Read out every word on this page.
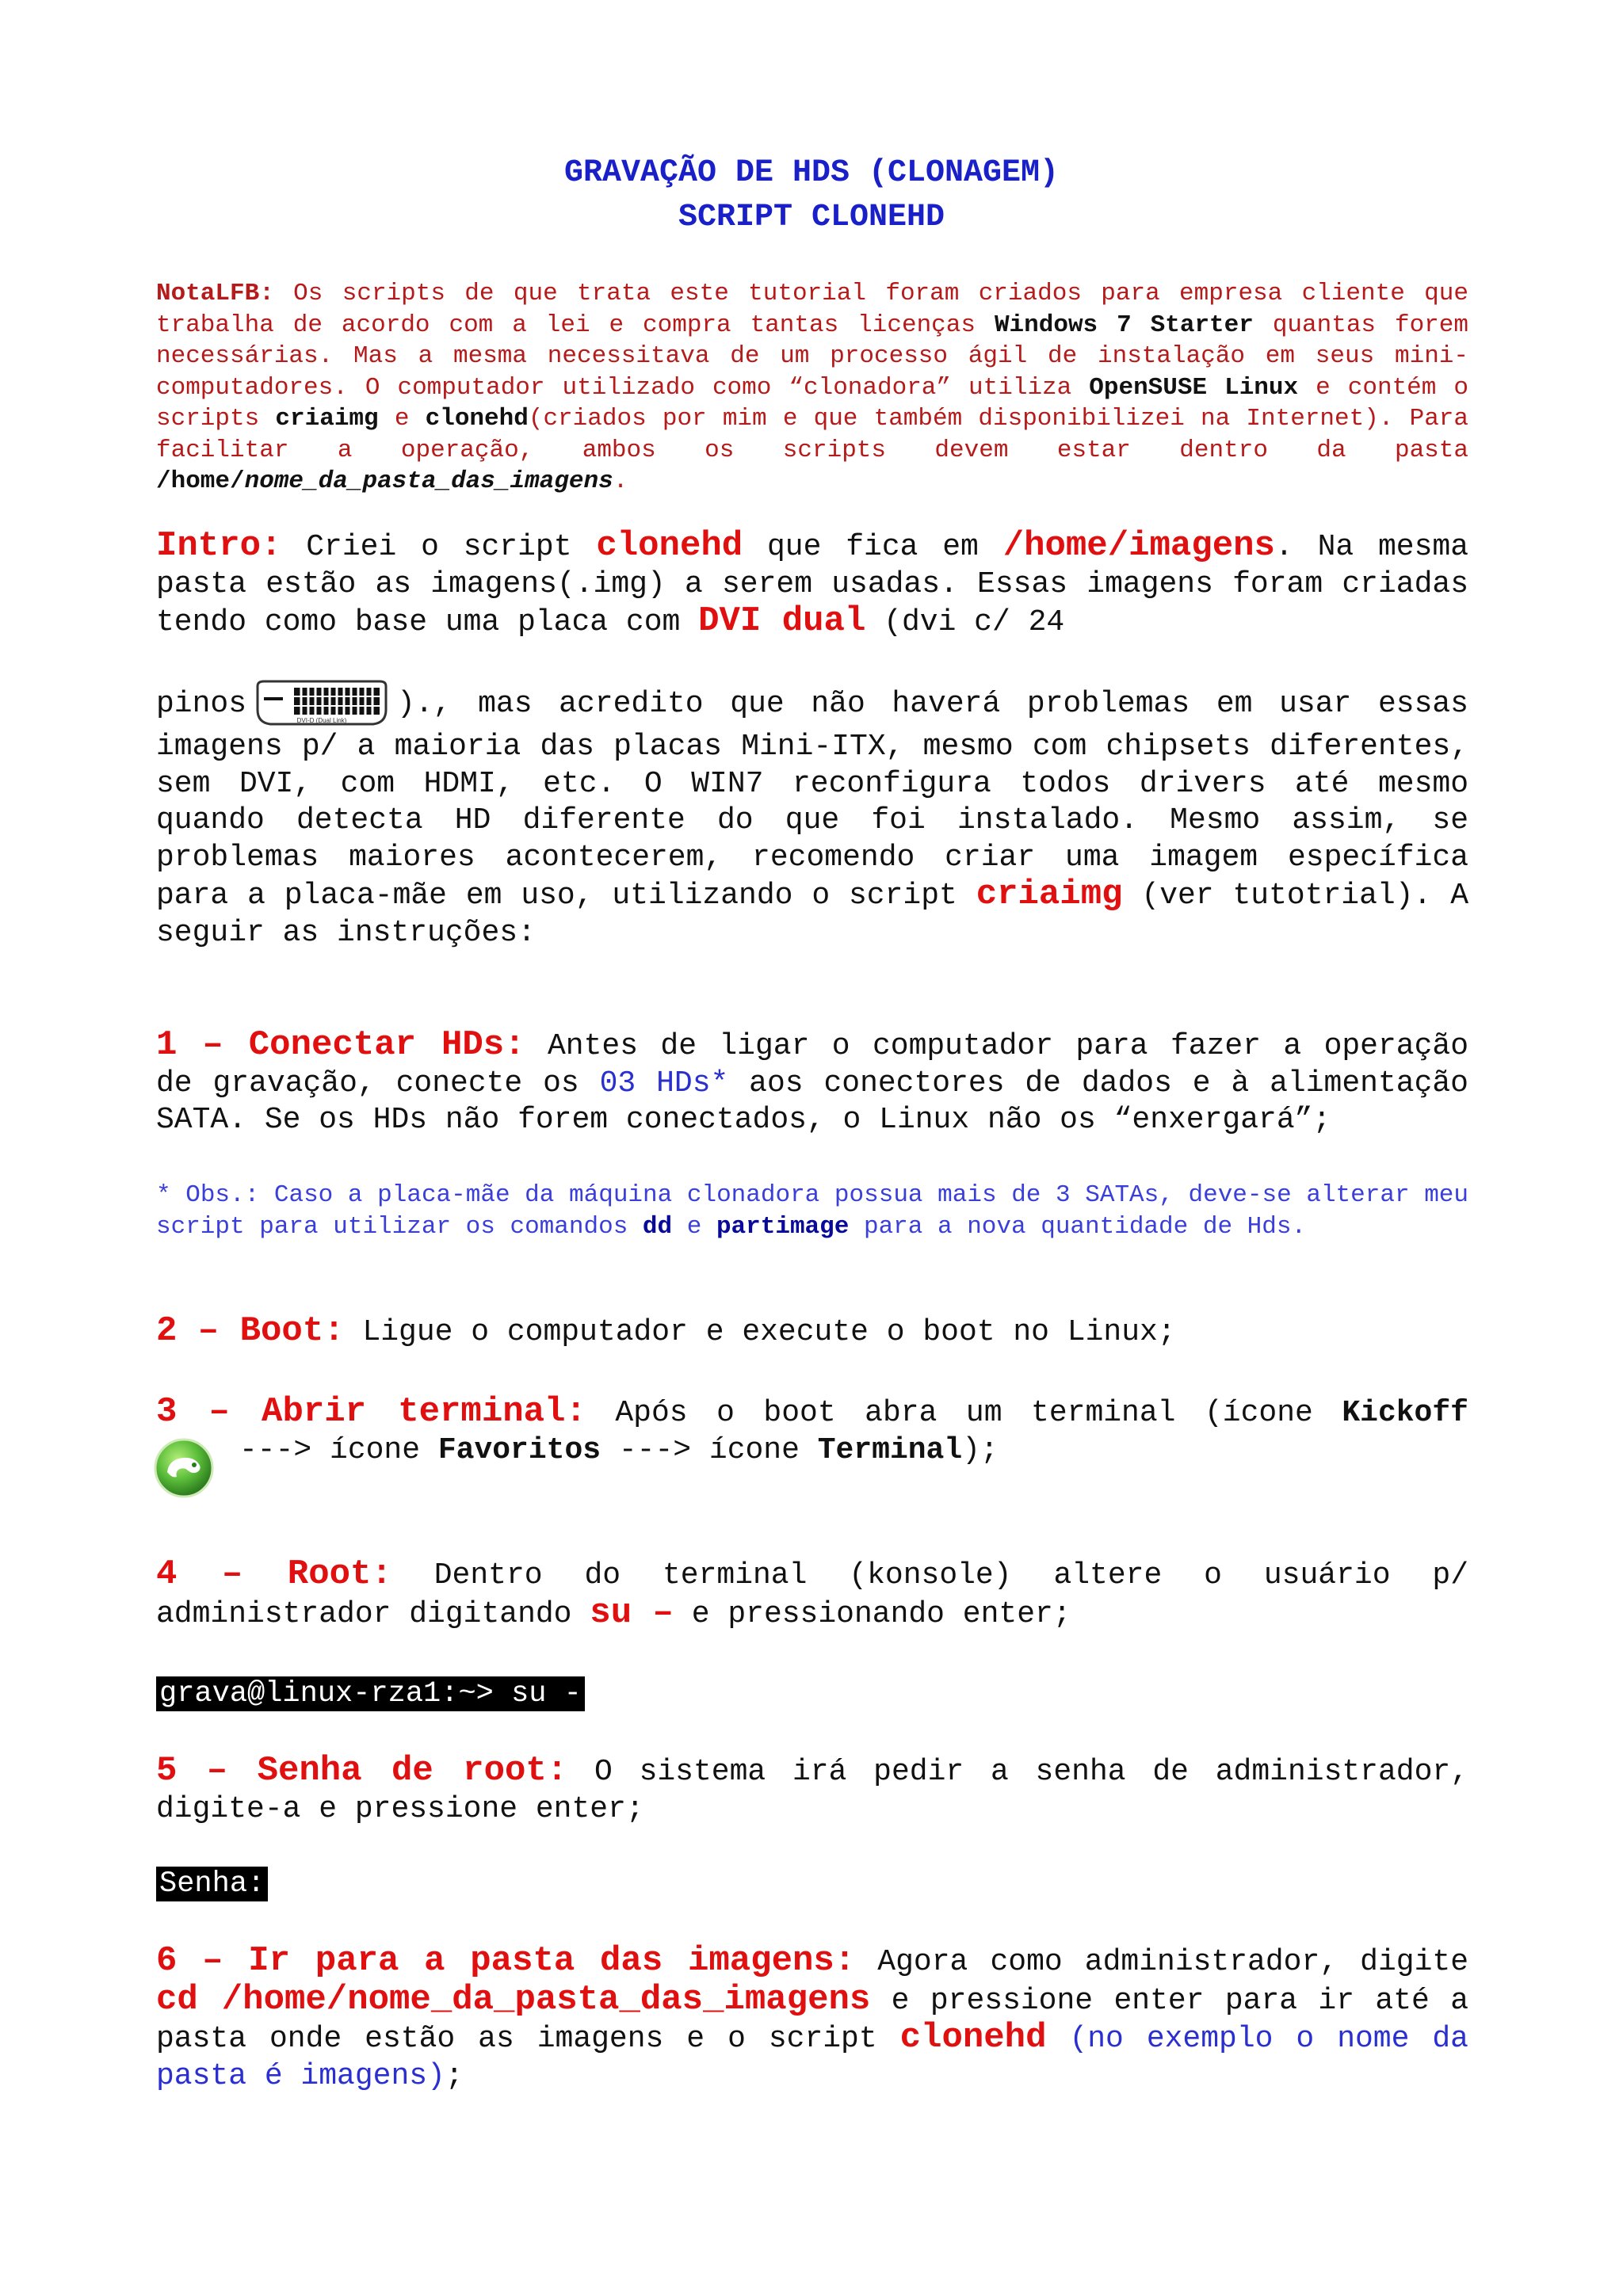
GRAVAÇÃO DE HDS (CLONAGEM)
SCRIPT CLONEHD
NotaLFB: Os scripts de que trata este tutorial foram criados para empresa cliente que trabalha de acordo com a lei e compra tantas licenças Windows 7 Starter quantas forem necessárias. Mas a mesma necessitava de um processo ágil de instalação em seus mini-computadores. O computador utilizado como “clonadora” utiliza OpenSUSE Linux e contém o scripts criaimg e clonehd(criados por mim e que também disponibilizei na Internet). Para facilitar a operação, ambos os scripts devem estar dentro da pasta /home/nome_da_pasta_das_imagens.
Intro: Criei o script clonehd que fica em /home/imagens. Na mesma pasta estão as imagens(.img) a serem usadas. Essas imagens foram criadas tendo como base uma placa com DVI dual (dvi c/ 24
pinos	DVI-D (Dual Link) )., mas acredito que não haverá problemas em usar essas imagens p/ a maioria das placas Mini-ITX, mesmo com chipsets diferentes, sem DVI, com HDMI, etc. O WIN7 reconfigura todos drivers até mesmo quando detecta HD diferente do que foi instalado. Mesmo assim, se problemas maiores acontecerem, recomendo criar uma imagem específica para a placa-mãe em uso, utilizando o script criaimg (ver tutotrial). A seguir as instruções:
1 – Conectar HDs: Antes de ligar o computador para fazer a operação de gravação, conecte os 03 HDs* aos conectores de dados e à alimentação SATA. Se os HDs não forem conectados, o Linux não os “enxergará”;
* Obs.: Caso a placa-mãe da máquina clonadora possua mais de 3 SATAs, deve-se alterar meu script para utilizar os comandos dd e partimage para a nova quantidade de Hds.
2 – Boot: Ligue o computador e execute o boot no Linux;
3 – Abrir terminal: Após o boot abra um terminal (ícone Kickoff
---> ícone Favoritos ---> ícone Terminal);
4 – Root: Dentro do terminal (konsole) altere o usuário p/ administrador digitando su – e pressionando enter;
grava@linux-rza1:~> su -
5 – Senha de root: O sistema irá pedir a senha de administrador, digite-a e pressione enter;
Senha:
6 – Ir para a pasta das imagens: Agora como administrador, digite cd /home/nome_da_pasta_das_imagens e pressione enter para ir até a pasta onde estão as imagens e o script clonehd (no exemplo o nome da pasta é imagens);
